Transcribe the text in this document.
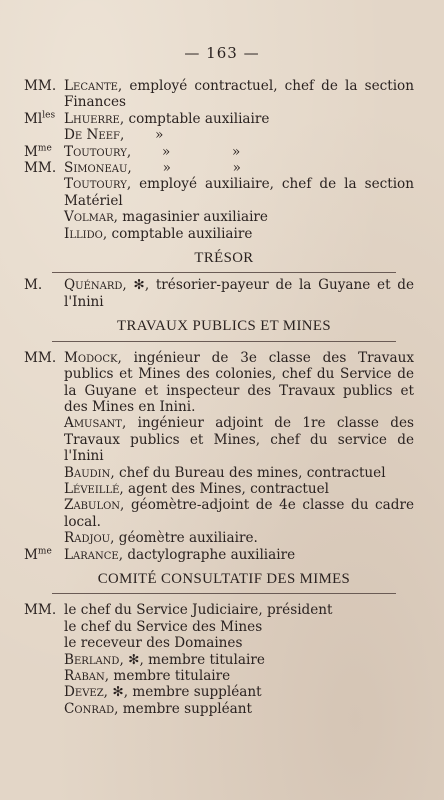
— 163 —
MM. Lecante, employé contractuel, chef de la section Finances
$Ml^{les}$ Lhuerre, comptable auxiliaire
De Neef, »
$M^{me}$ Toutoury, »	»
MM. Simoneau, »	»
Toutoury, employé auxiliaire, chef de la section Matériel
Volmar, magasinier auxiliaire
Illido, comptable auxiliaire
TRÉSOR
M.	Quénard, ✻, trésorier-payeur de la Guyane et de l'Inini
TRAVAUX PUBLICS ET MINES
MM. Modock, ingénieur de 3e classe des Travaux publics et Mines des colonies, chef du Service de la Guyane et inspecteur des Travaux publics et des Mines en Inini.
Amusant, ingénieur adjoint de 1re classe des Travaux publics et Mines, chef du service de l'Inini
Baudin, chef du Bureau des mines, contractuel
Léveillé, agent des Mines, contractuel
Zabulon, géomètre-adjoint de 4e classe du cadre local.
Radjou, géomètre auxiliaire.
$M^{me}$ Larance, dactylographe auxiliaire
COMITÉ CONSULTATIF DES MIMES
MM. le chef du Service Judiciaire, président
le chef du Service des Mines
le receveur des Domaines
Berland, ✻, membre titulaire
Raban, membre titulaire
Devez, ✻, membre suppléant
Conrad, membre suppléant
